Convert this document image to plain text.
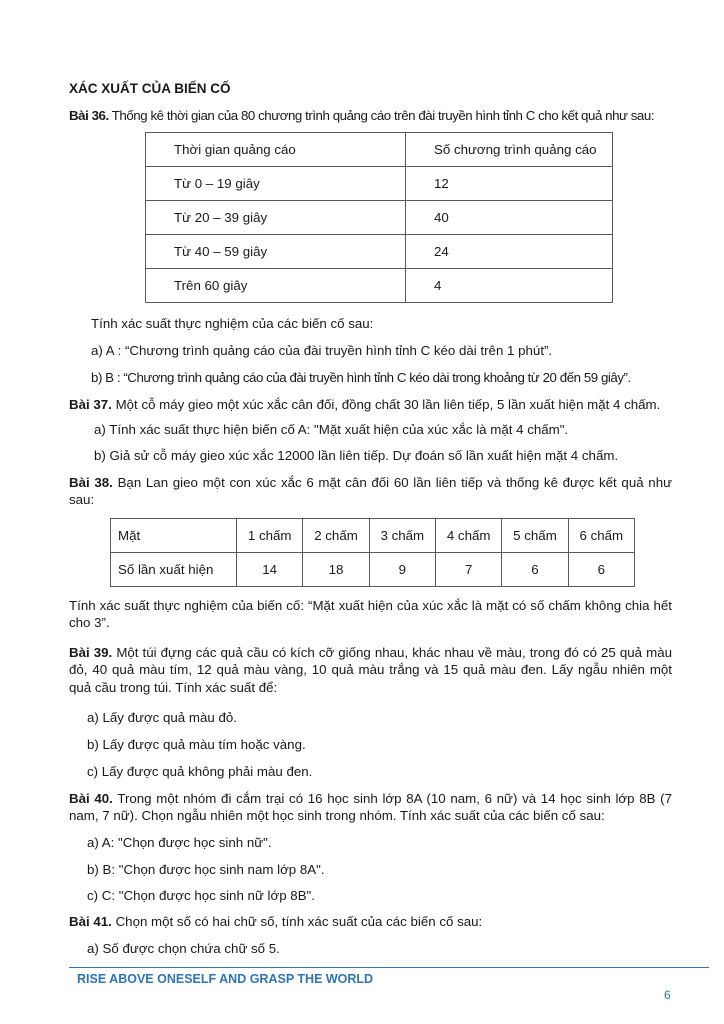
XÁC XUẤT CỦA BIẾN CỐ
Bài 36. Thống kê thời gian của 80 chương trình quảng cáo trên đài truyền hình tỉnh C cho kết quả như sau:
Thời gian quảng cáo	Số chương trình quảng cáo
Từ 0 – 19 giây	12
Từ 20 – 39 giây	40
Từ 40 – 59 giây	24
Trên 60 giây	4
Tính xác suất thực nghiệm của các biến cố sau:
a) A : “Chương trình quảng cáo của đài truyền hình tỉnh C kéo dài trên 1 phút”.
b) B : “Chương trình quảng cáo của đài truyền hình tỉnh C kéo dài trong khoảng từ 20 đến 59 giây”.
Bài 37. Một cỗ máy gieo một xúc xắc cân đối, đồng chất 30 lần liên tiếp, 5 lần xuất hiện mặt 4 chấm.
a) Tính xác suất thực hiện biến cố A: "Mặt xuất hiện của xúc xắc là mặt 4 chấm".
b) Giả sử cỗ máy gieo xúc xắc 12000 lần liên tiếp. Dự đoán số lần xuất hiện mặt 4 chấm.
Bài 38. Bạn Lan gieo một con xúc xắc 6 mặt cân đối 60 lần liên tiếp và thống kê được kết quả như sau:
Mặt	1 chấm	2 chấm	3 chấm	4 chấm	5 chấm	6 chấm
Số lần xuất hiện	14	18	9	7	6	6
Tính xác suất thực nghiệm của biến cố: “Mặt xuất hiện của xúc xắc là mặt có số chấm không chia hết cho 3”.
Bài 39. Một túi đựng các quả cầu có kích cỡ giống nhau, khác nhau về màu, trong đó có 25 quả màu đỏ, 40 quả màu tím, 12 quả màu vàng, 10 quả màu trắng và 15 quả màu đen. Lấy ngẫu nhiên một quả cầu trong túi. Tính xác suất để:
a) Lấy được quả màu đỏ.
b) Lấy được quả màu tím hoặc vàng.
c) Lấy được quả không phải màu đen.
Bài 40. Trong một nhóm đi cắm trại có 16 học sinh lớp 8A (10 nam, 6 nữ) và 14 học sinh lớp 8B (7 nam, 7 nữ). Chọn ngẫu nhiên một học sinh trong nhóm. Tính xác suất của các biến cố sau:
a) A: "Chọn được học sinh nữ".
b) B: "Chọn được học sinh nam lớp 8A".
c) C: "Chọn được học sinh nữ lớp 8B".
Bài 41. Chọn một số có hai chữ số, tính xác suất của các biến cố sau:
a) Số được chọn chứa chữ số 5.
RISE ABOVE ONESELF AND GRASP THE WORLD
6
